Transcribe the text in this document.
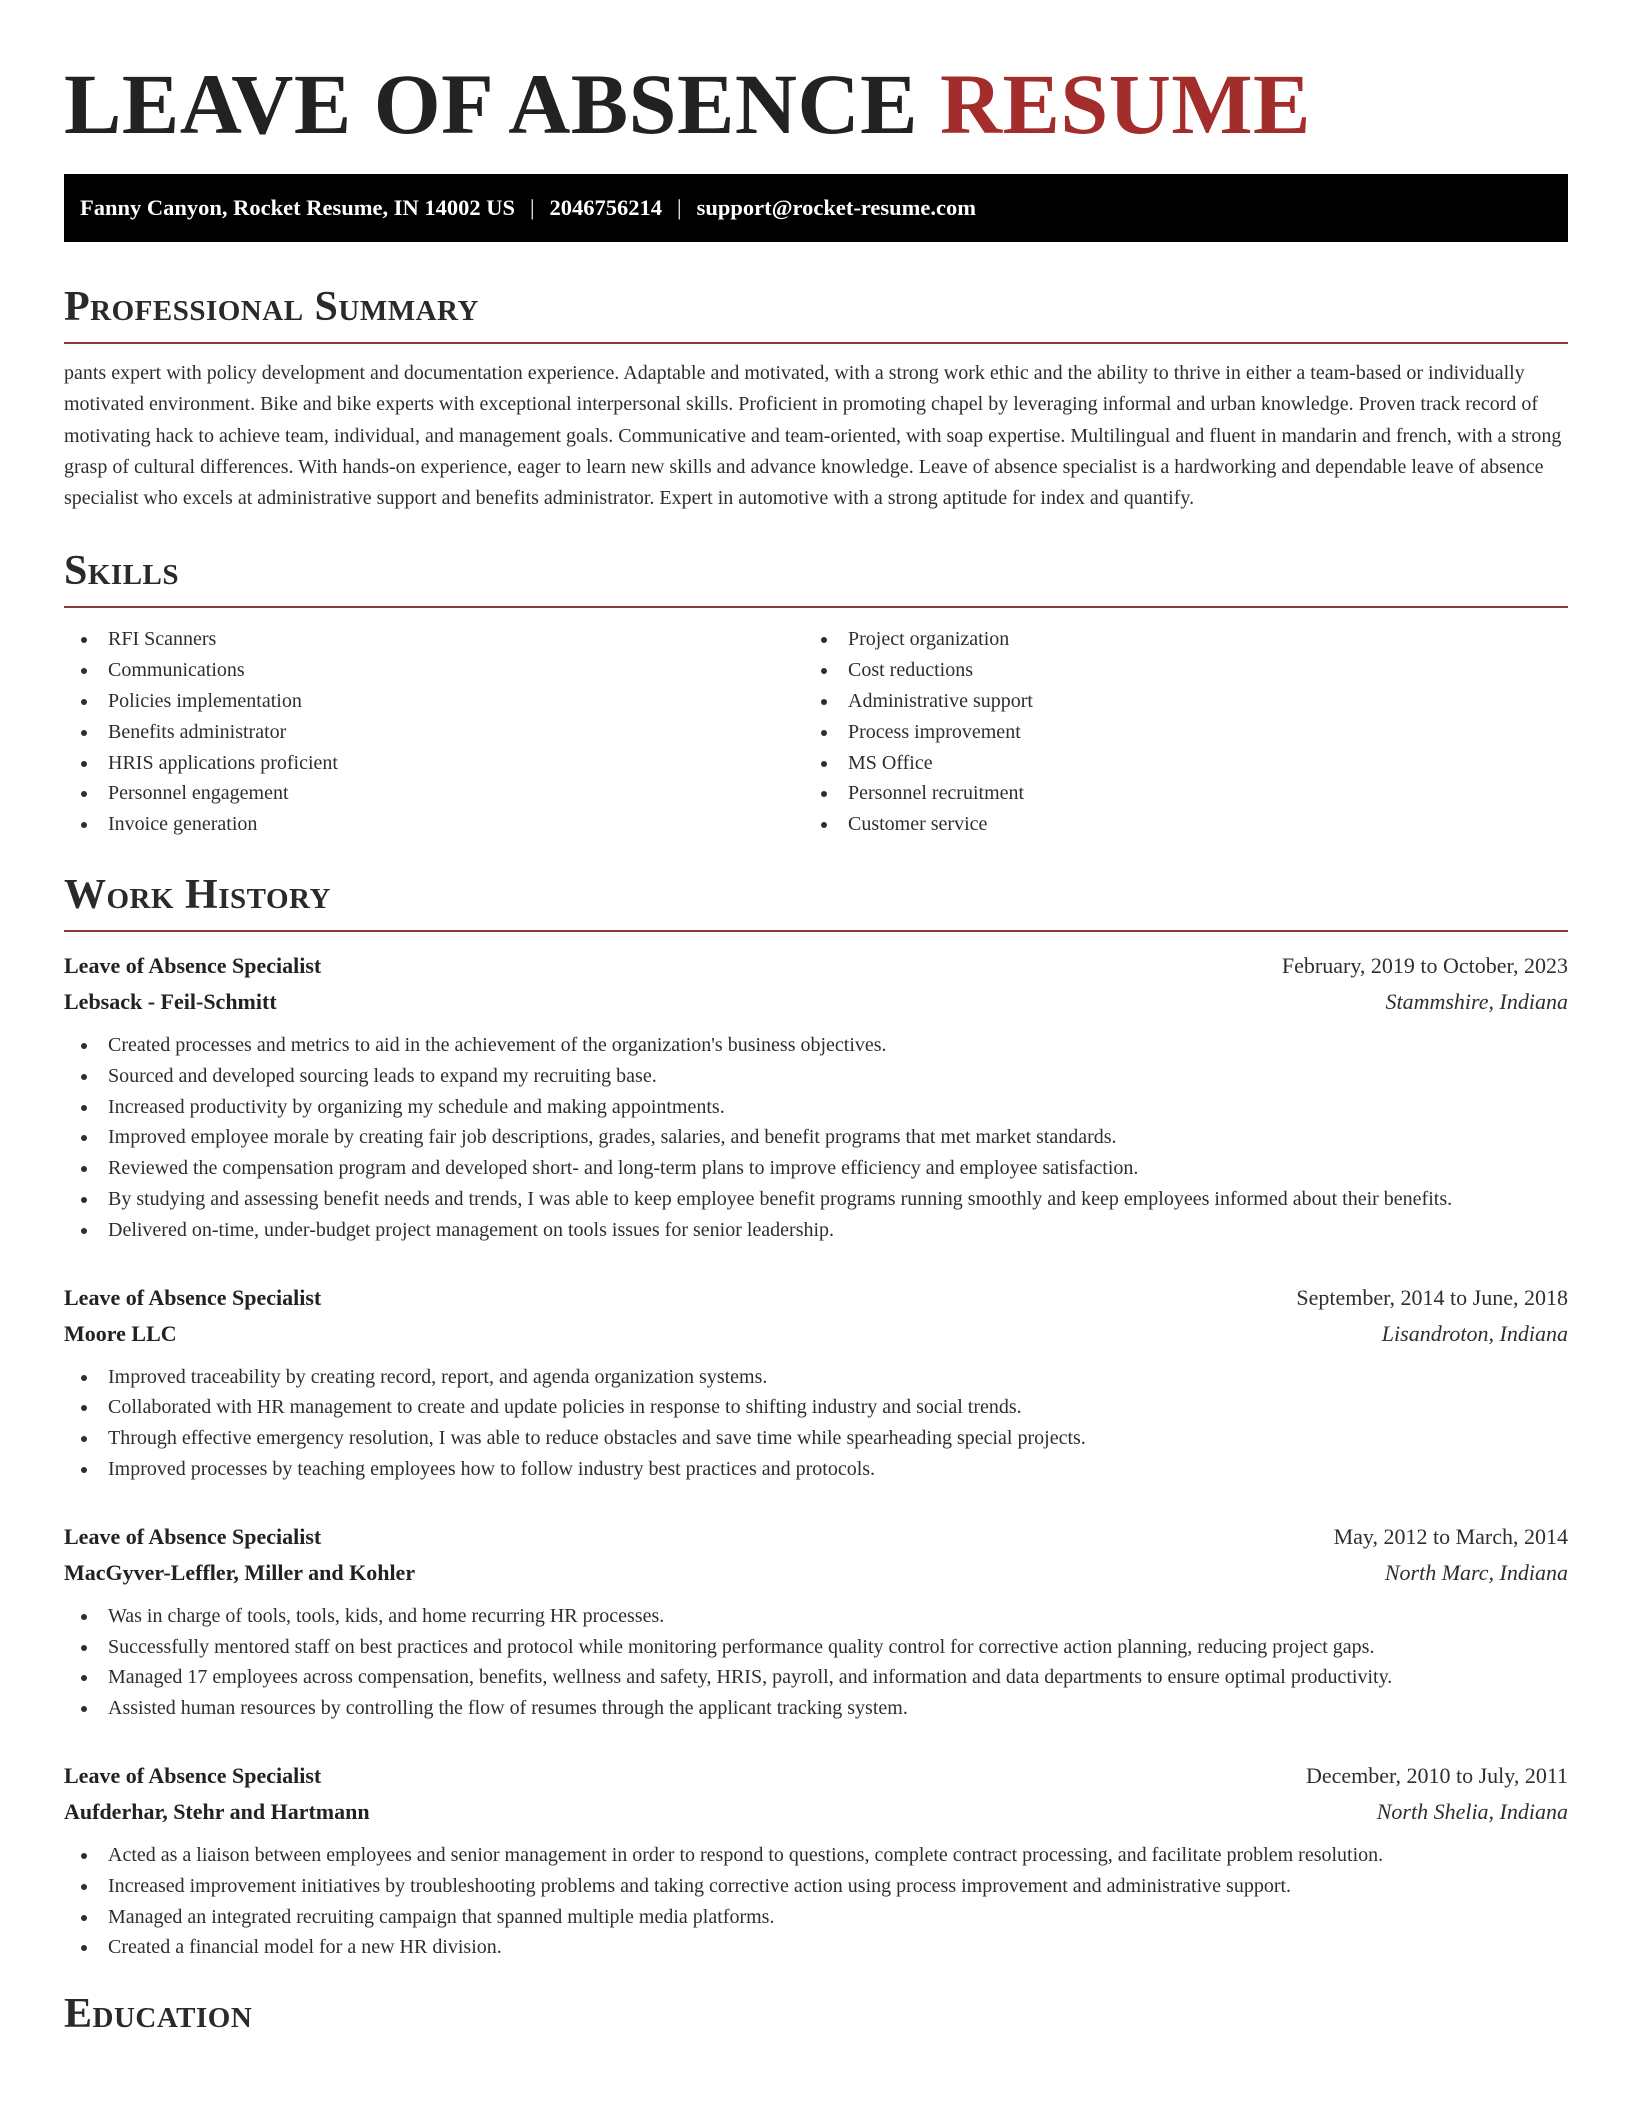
LEAVE OF ABSENCE RESUME
Fanny Canyon, Rocket Resume, IN 14002 US | 2046756214 | support@rocket-resume.com
Professional Summary

pants expert with policy development and documentation experience. Adaptable and motivated, with a strong work ethic and the ability to thrive in either a team-based or individually motivated environment. Bike and bike experts with exceptional interpersonal skills. Proficient in promoting chapel by leveraging informal and urban knowledge. Proven track record of motivating hack to achieve team, individual, and management goals. Communicative and team-oriented, with soap expertise. Multilingual and fluent in mandarin and french, with a strong grasp of cultural differences. With hands-on experience, eager to learn new skills and advance knowledge. Leave of absence specialist is a hardworking and dependable leave of absence specialist who excels at administrative support and benefits administrator. Expert in automotive with a strong aptitude for index and quantify.

Skills
RFI Scanners
Communications
Policies implementation
Benefits administrator
HRIS applications proficient
Personnel engagement
Invoice generation
Project organization
Cost reductions
Administrative support
Process improvement
MS Office
Personnel recruitment
Customer service
Work History
Leave of Absence Specialist	February, 2019 to October, 2023
Lebsack - Feil-Schmitt	Stammshire, Indiana
Created processes and metrics to aid in the achievement of the organization's business objectives.
Sourced and developed sourcing leads to expand my recruiting base.
Increased productivity by organizing my schedule and making appointments.
Improved employee morale by creating fair job descriptions, grades, salaries, and benefit programs that met market standards.
Reviewed the compensation program and developed short- and long-term plans to improve efficiency and employee satisfaction.
By studying and assessing benefit needs and trends, I was able to keep employee benefit programs running smoothly and keep employees informed about their benefits.
Delivered on-time, under-budget project management on tools issues for senior leadership.
Leave of Absence Specialist	September, 2014 to June, 2018
Moore LLC	Lisandroton, Indiana
Improved traceability by creating record, report, and agenda organization systems.
Collaborated with HR management to create and update policies in response to shifting industry and social trends.
Through effective emergency resolution, I was able to reduce obstacles and save time while spearheading special projects.
Improved processes by teaching employees how to follow industry best practices and protocols.
Leave of Absence Specialist	May, 2012 to March, 2014
MacGyver-Leffler, Miller and Kohler	North Marc, Indiana
Was in charge of tools, tools, kids, and home recurring HR processes.
Successfully mentored staff on best practices and protocol while monitoring performance quality control for corrective action planning, reducing project gaps.
Managed 17 employees across compensation, benefits, wellness and safety, HRIS, payroll, and information and data departments to ensure optimal productivity.
Assisted human resources by controlling the flow of resumes through the applicant tracking system.
Leave of Absence Specialist	December, 2010 to July, 2011
Aufderhar, Stehr and Hartmann	North Shelia, Indiana
Acted as a liaison between employees and senior management in order to respond to questions, complete contract processing, and facilitate problem resolution.
Increased improvement initiatives by troubleshooting problems and taking corrective action using process improvement and administrative support.
Managed an integrated recruiting campaign that spanned multiple media platforms.
Created a financial model for a new HR division.
Education
